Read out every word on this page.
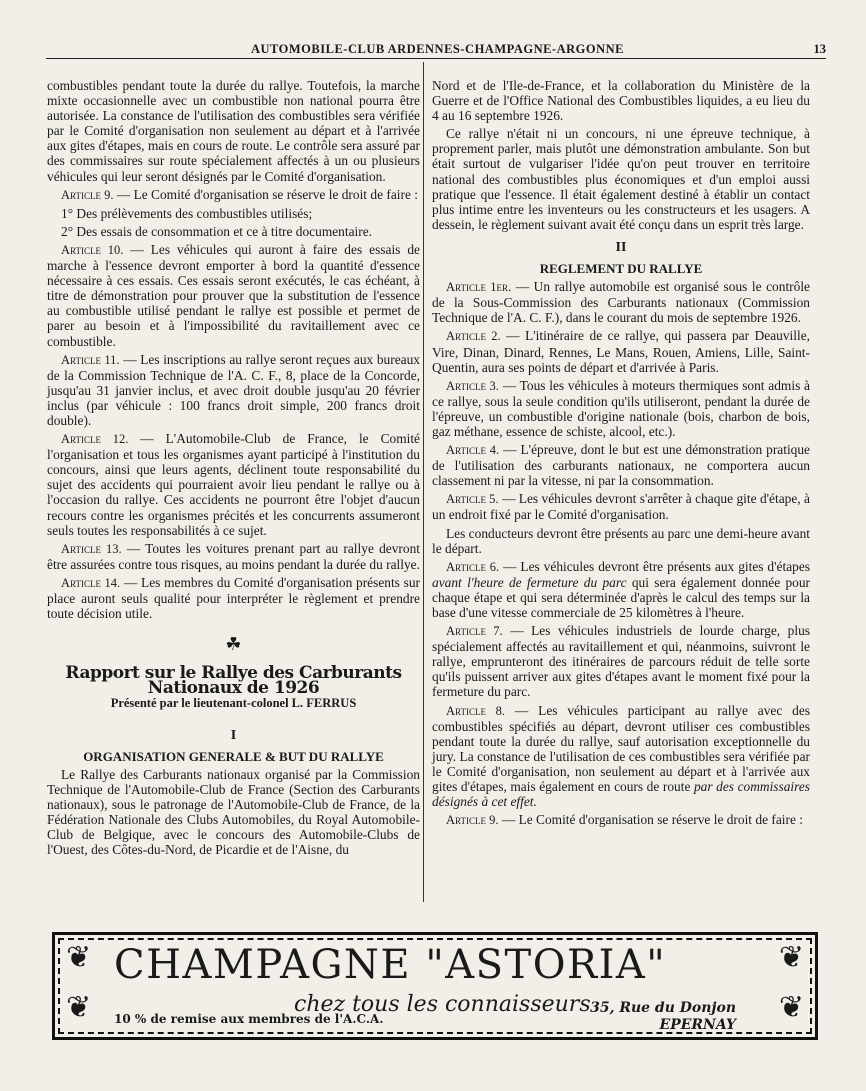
AUTOMOBILE-CLUB ARDENNES-CHAMPAGNE-ARGONNE	13

combustibles pendant toute la durée du rallye. Toutefois, la marche mixte occasionnelle avec un combustible non national pourra être autorisée. La constance de l'utilisation des combustibles sera vérifiée par le Comité d'organisation non seulement au départ et à l'arrivée aux gites d'étapes, mais en cours de route. Le contrôle sera assuré par des commissaires sur route spécialement affectés à un ou plusieurs véhicules qui leur seront désignés par le Comité d'organisation.

Article 9. — Le Comité d'organisation se réserve le droit de faire :

1° Des prélèvements des combustibles utilisés;

2° Des essais de consommation et ce à titre documentaire.

Article 10. — Les véhicules qui auront à faire des essais de marche à l'essence devront emporter à bord la quantité d'essence nécessaire à ces essais. Ces essais seront exécutés, le cas échéant, à titre de démonstration pour prouver que la substitution de l'essence au combustible utilisé pendant le rallye est possible et permet de parer au besoin et à l'impossibilité du ravitaillement avec ce combustible.

Article 11. — Les inscriptions au rallye seront reçues aux bureaux de la Commission Technique de l'A. C. F., 8, place de la Concorde, jusqu'au 31 janvier inclus, et avec droit double jusqu'au 20 février inclus (par véhicule : 100 francs droit simple, 200 francs droit double).

Article 12. — L'Automobile-Club de France, le Comité l'organisation et tous les organismes ayant participé à l'institution du concours, ainsi que leurs agents, déclinent toute responsabilité du sujet des accidents qui pourraient avoir lieu pendant le rallye ou à l'occasion du rallye. Ces accidents ne pourront être l'objet d'aucun recours contre les organismes précités et les concurrents assumeront seuls toutes les responsabilités à ce sujet.

Article 13. — Toutes les voitures prenant part au rallye devront être assurées contre tous risques, au moins pendant la durée du rallye.

Article 14. — Les membres du Comité d'organisation présents sur place auront seuls qualité pour interpréter le règlement et prendre toute décision utile.

☘
Rapport sur le Rallye des Carburants Nationaux de 1926
Présenté par le lieutenant-colonel L. FERRUS
I
ORGANISATION GENERALE & BUT DU RALLYE

Le Rallye des Carburants nationaux organisé par la Commission Technique de l'Automobile-Club de France (Section des Carburants nationaux), sous le patronage de l'Automobile-Club de France, de la Fédération Nationale des Clubs Automobiles, du Royal Automobile-Club de Belgique, avec le concours des Automobile-Clubs de l'Ouest, des Côtes-du-Nord, de Picardie et de l'Aisne, du

Nord et de l'Ile-de-France, et la collaboration du Ministère de la Guerre et de l'Office National des Combustibles liquides, a eu lieu du 4 au 16 septembre 1926.

Ce rallye n'était ni un concours, ni une épreuve technique, à proprement parler, mais plutôt une démonstration ambulante. Son but était surtout de vulgariser l'idée qu'on peut trouver en territoire national des combustibles plus économiques et d'un emploi aussi pratique que l'essence. Il était également destiné à établir un contact plus intime entre les inventeurs ou les constructeurs et les usagers. A dessein, le règlement suivant avait été conçu dans un esprit très large.

II
REGLEMENT DU RALLYE

Article 1er. — Un rallye automobile est organisé sous le contrôle de la Sous-Commission des Carburants nationaux (Commission Technique de l'A. C. F.), dans le courant du mois de septembre 1926.

Article 2. — L'itinéraire de ce rallye, qui passera par Deauville, Vire, Dinan, Dinard, Rennes, Le Mans, Rouen, Amiens, Lille, Saint-Quentin, aura ses points de départ et d'arrivée à Paris.

Article 3. — Tous les véhicules à moteurs thermiques sont admis à ce rallye, sous la seule condition qu'ils utiliseront, pendant la durée de l'épreuve, un combustible d'origine nationale (bois, charbon de bois, gaz méthane, essence de schiste, alcool, etc.).

Article 4. — L'épreuve, dont le but est une démonstration pratique de l'utilisation des carburants nationaux, ne comportera aucun classement ni par la vitesse, ni par la consommation.

Article 5. — Les véhicules devront s'arrêter à chaque gite d'étape, à un endroit fixé par le Comité d'organisation.

Les conducteurs devront être présents au parc une demi-heure avant le départ.

Article 6. — Les véhicules devront être présents aux gites d'étapes avant l'heure de fermeture du parc qui sera également donnée pour chaque étape et qui sera déterminée d'après le calcul des temps sur la base d'une vitesse commerciale de 25 kilomètres à l'heure.

Article 7. — Les véhicules industriels de lourde charge, plus spécialement affectés au ravitaillement et qui, néanmoins, suivront le rallye, emprunteront des itinéraires de parcours réduit de telle sorte qu'ils puissent arriver aux gites d'étapes avant le moment fixé pour la fermeture du parc.

Article 8. — Les véhicules participant au rallye avec des combustibles spécifiés au départ, devront utiliser ces combustibles pendant toute la durée du rallye, sauf autorisation exceptionnelle du jury. La constance de l'utilisation de ces combustibles sera vérifiée par le Comité d'organisation, non seulement au départ et à l'arrivée aux gites d'étapes, mais également en cours de route par des commissaires désignés à cet effet.

Article 9. — Le Comité d'organisation se réserve le droit de faire :

❦
❦
❦
❦
CHAMPAGNE "ASTORIA"
chez tous les connaisseurs
10 % de remise aux membres de l'A.C.A.
35, Rue du Donjon
EPERNAY
